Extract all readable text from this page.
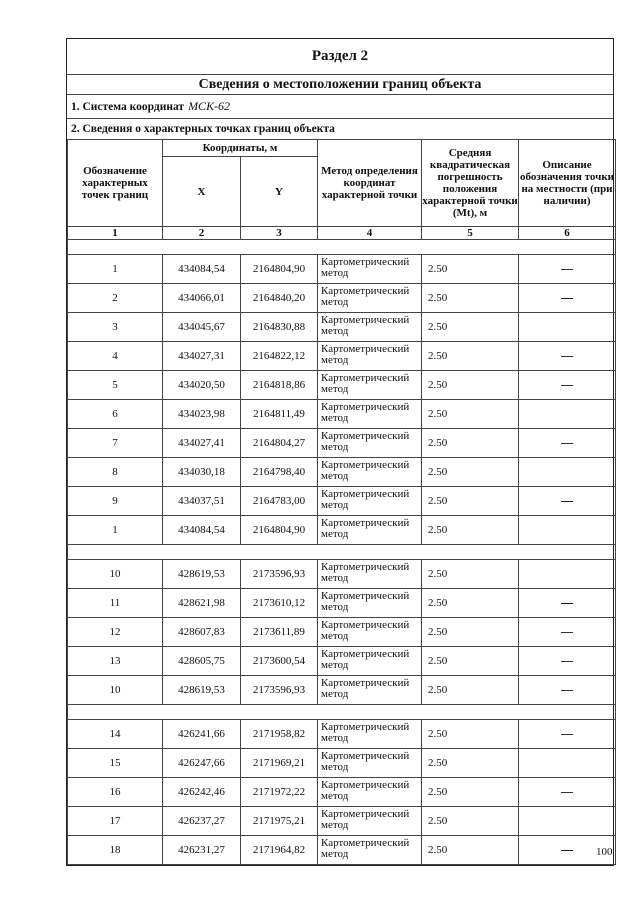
Раздел 2
Сведения о местоположении границ объекта
1. Система координат МСК-62
2. Сведения о характерных точках границ объекта
Обозначение характерных точек границ	Координаты, м		Метод определения координат характерной точки	Средняя квадратическая погрешность положения характерной точки (Mt), м	Описание обозначения точки на местности (при наличии)
	X	Y			
1	2	3	4	5	6

1	434084,54	2164804,90	Картометрический метод	2.50	
2	434066,01	2164840,20	Картометрический метод	2.50	
3	434045,67	2164830,88	Картометрический метод	2.50	
4	434027,31	2164822,12	Картометрический метод	2.50	
5	434020,50	2164818,86	Картометрический метод	2.50	
6	434023,98	2164811,49	Картометрический метод	2.50	
7	434027,41	2164804,27	Картометрический метод	2.50	
8	434030,18	2164798,40	Картометрический метод	2.50	
9	434037,51	2164783,00	Картометрический метод	2.50	
1	434084,54	2164804,90	Картометрический метод	2.50	

10	428619,53	2173596,93	Картометрический метод	2.50	
11	428621,98	2173610,12	Картометрический метод	2.50	
12	428607,83	2173611,89	Картометрический метод	2.50	
13	428605,75	2173600,54	Картометрический метод	2.50	
10	428619,53	2173596,93	Картометрический метод	2.50	

14	426241,66	2171958,82	Картометрический метод	2.50	
15	426247,66	2171969,21	Картометрический метод	2.50	
16	426242,46	2171972,22	Картометрический метод	2.50	
17	426237,27	2171975,21	Картометрический метод	2.50	
18	426231,27	2171964,82	Картометрический метод	2.50		100
